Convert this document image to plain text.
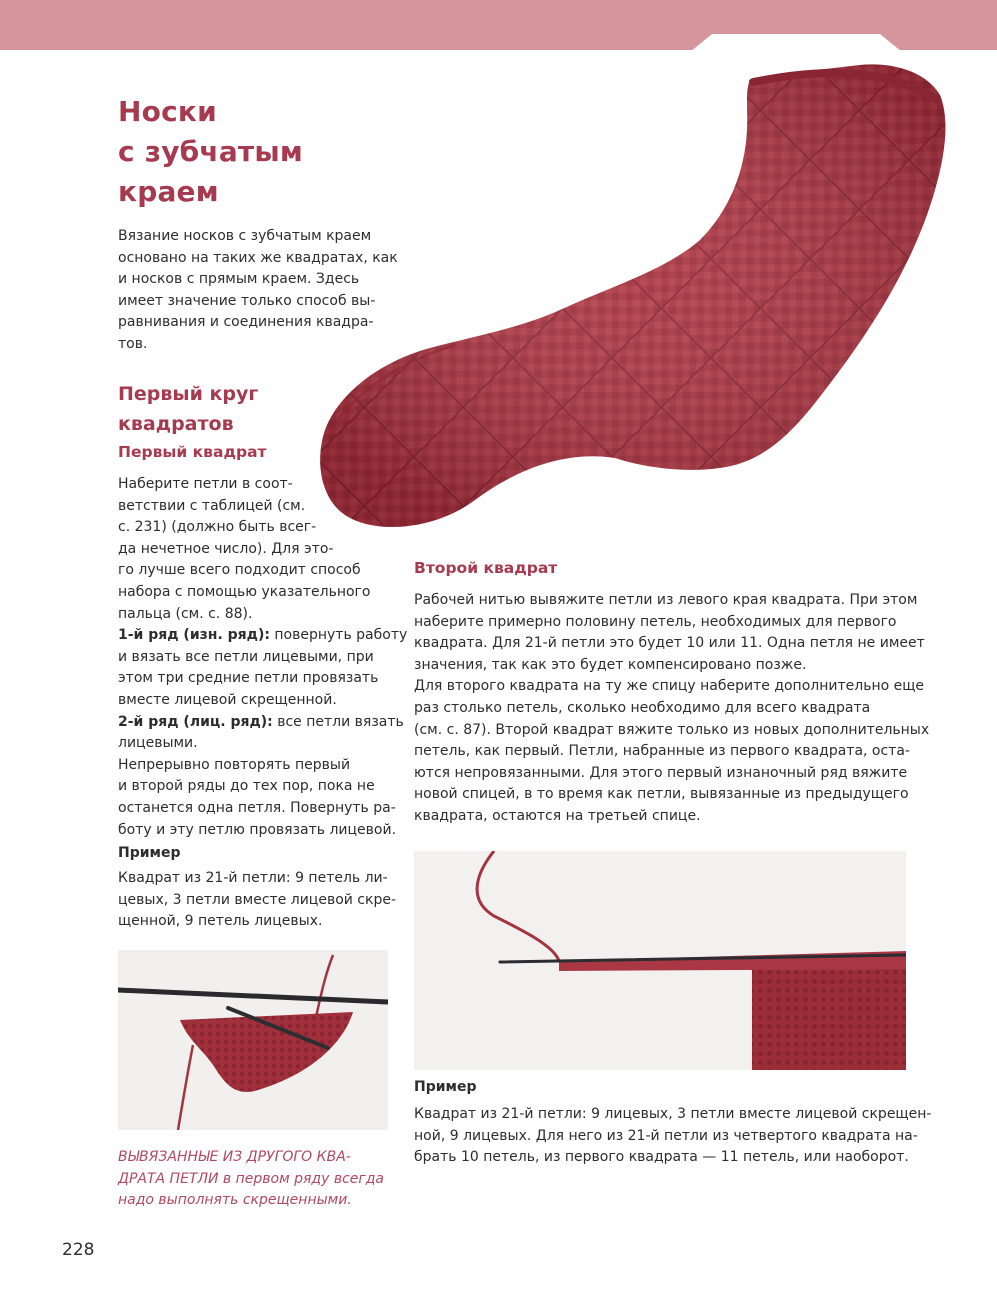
Носки
с зубчатым
краем
Вязание носков с зубчатым краем
основано на таких же квадратах, как
и носков с прямым краем. Здесь
имеет значение только способ вы-
равнивания и соединения квадра-
тов.
Первый круг
квадратов
Первый квадрат
Наберите петли в соот-
ветствии с таблицей (см.
с. 231) (должно быть всег-
да нечетное число). Для это-
го лучше всего подходит способ
набора с помощью указательного
пальца (см. с. 88).
1-й ряд (изн. ряд): повернуть работу
и вязать все петли лицевыми, при
этом три средние петли провязать
вместе лицевой скрещенной.
2-й ряд (лиц. ряд): все петли вязать
лицевыми.
Непрерывно повторять первый
и второй ряды до тех пор, пока не
останется одна петля. Повернуть ра-
боту и эту петлю провязать лицевой.
Пример
Квадрат из 21-й петли: 9 петель ли-
цевых, 3 петли вместе лицевой скре-
щенной, 9 петель лицевых.

ВЫВЯЗАННЫЕ ИЗ ДРУГОГО КВА-
ДРАТА ПЕТЛИ в первом ряду всегда
надо выполнять скрещенными.

Второй квадрат
Рабочей нитью вывяжите петли из левого края квадрата. При этом
наберите примерно половину петель, необходимых для первого
квадрата. Для 21-й петли это будет 10 или 11. Одна петля не имеет
значения, так как это будет компенсировано позже.
Для второго квадрата на ту же спицу наберите дополнительно еще
раз столько петель, сколько необходимо для всего квадрата
(см. с. 87). Второй квадрат вяжите только из новых дополнительных
петель, как первый. Петли, набранные из первого квадрата, оста-
ются непровязанными. Для этого первый изнаночный ряд вяжите
новой спицей, в то время как петли, вывязанные из предыдущего
квадрата, остаются на третьей спице.
Пример
Квадрат из 21-й петли: 9 лицевых, 3 петли вместе лицевой скрещен-
ной, 9 лицевых. Для него из 21-й петли из четвертого квадрата на-
брать 10 петель, из первого квадрата — 11 петель, или наоборот.

228
